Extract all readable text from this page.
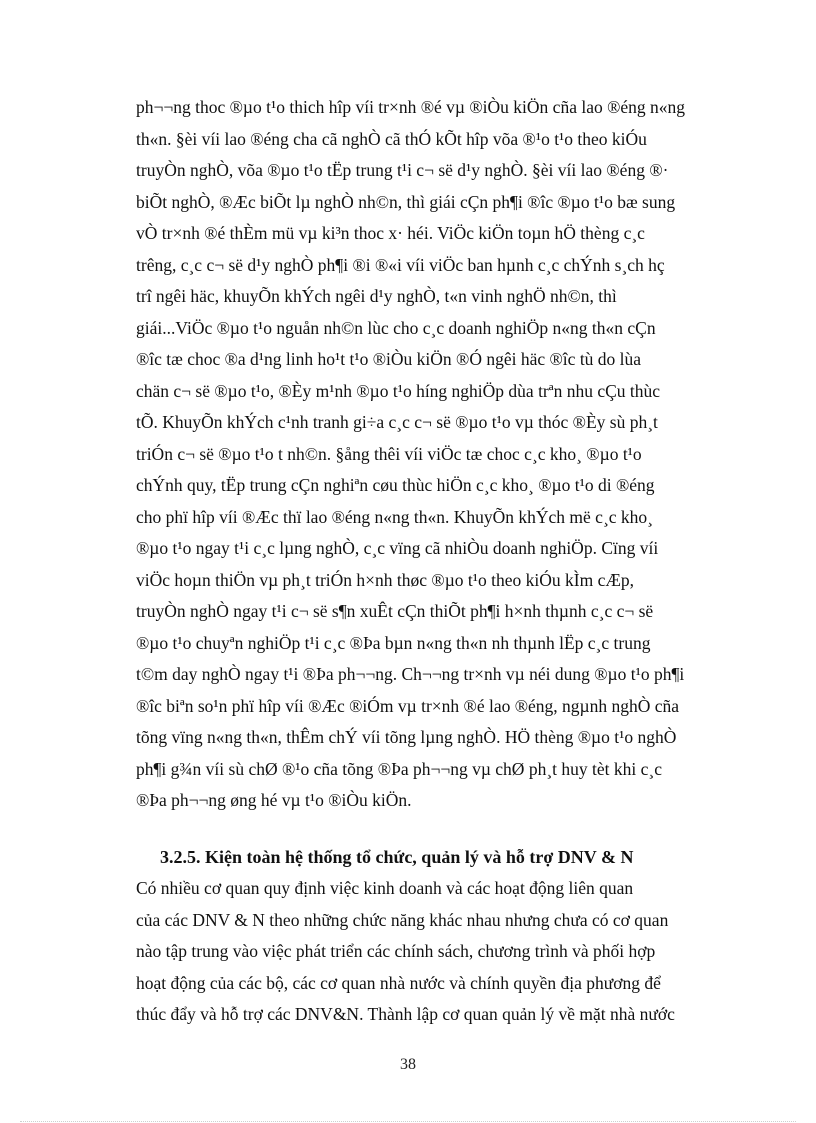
ph¬¬ng thoc ®µo t¹o thich hîp víi tr×nh ®é vµ ®iÒu kiÖn cña lao ®éng n«ng
th«n. §èi víi lao ®éng cha cã nghÒ cã thÓ kÕt hîp võa ®¹o t¹o theo kiÓu
truyÒn nghÒ, võa ®µo t¹o tËp trung t¹i c¬ së d¹y nghÒ. §èi víi lao ®éng ®·
biÕt nghÒ, ®Æc biÕt lµ nghÒ nh©n, thì giái cÇn ph¶i ®îc ®µo t¹o bæ sung
vÒ tr×nh ®é thÈm mü vµ ki³n thoc x· héi. ViÖc kiÖn toµn hÖ thèng c¸c
trêng, c¸c c¬ së d¹y nghÒ ph¶i ®i ®«i víi viÖc ban hµnh c¸c chÝnh s¸ch hç
trî ngêi häc, khuyÕn khÝch ngêi d¹y nghÒ, t«n vinh nghÖ nh©n, thì
giái...ViÖc ®µo t¹o nguån nh©n lùc cho c¸c doanh nghiÖp n«ng th«n cÇn
®îc tæ choc ®a d¹ng linh ho¹t t¹o ®iÒu kiÖn ®Ó ngêi häc ®îc tù do lùa
chän c¬ së ®µo t¹o, ®Èy m¹nh ®µo t¹o híng nghiÖp dùa trªn nhu cÇu thùc
tÕ. KhuyÕn khÝch c¹nh tranh gi÷a c¸c c¬ së ®µo t¹o vµ thóc ®Èy sù ph¸t
triÓn c¬ së ®µo t¹o t nh©n. §ång thêi víi viÖc tæ choc c¸c kho¸ ®µo t¹o
chÝnh quy, tËp trung cÇn nghiªn cøu thùc hiÖn c¸c kho¸ ®µo t¹o di ®éng
cho phï hîp víi ®Æc thï lao ®éng n«ng th«n. KhuyÕn khÝch më c¸c kho¸
®µo t¹o ngay t¹i c¸c lµng nghÒ, c¸c vïng cã nhiÒu doanh nghiÖp. Cïng víi
viÖc hoµn thiÖn vµ ph¸t triÓn h×nh thøc ®µo t¹o theo kiÓu kÌm cÆp,
truyÒn nghÒ ngay t¹i c¬ së s¶n xuÊt cÇn thiÕt ph¶i h×nh thµnh c¸c c¬ së
®µo t¹o chuyªn nghiÖp t¹i c¸c ®Þa bµn n«ng th«n nh thµnh lËp c¸c trung
t©m day nghÒ ngay t¹i ®Þa ph¬¬ng. Ch¬¬ng tr×nh vµ néi dung ®µo t¹o ph¶i
®îc biªn so¹n phï hîp víi ®Æc ®iÓm vµ tr×nh ®é lao ®éng, ngµnh nghÒ cña
tõng vïng n«ng th«n, thÊm chÝ víi tõng lµng nghÒ. HÖ thèng ®µo t¹o nghÒ
ph¶i g¾n víi sù chØ ®¹o cña tõng ®Þa ph¬¬ng vµ chØ ph¸t huy tèt khi c¸c
®Þa ph¬¬ng øng hé vµ t¹o ®iÒu kiÖn.
3.2.5. Kiện toàn hệ thống tổ chức, quản lý và hỗ trợ DNV & N
Có nhiều cơ quan quy định việc kinh doanh và các hoạt động liên quan
của các DNV & N theo những chức năng khác nhau nhưng chưa có cơ quan
nào tập trung vào việc phát triển các chính sách, chương trình và phối hợp
hoạt động của các bộ, các cơ quan nhà nước và chính quyền địa phương để
thúc đẩy và hỗ trợ các DNV&N. Thành lập cơ quan quản lý về mặt nhà nước
38
